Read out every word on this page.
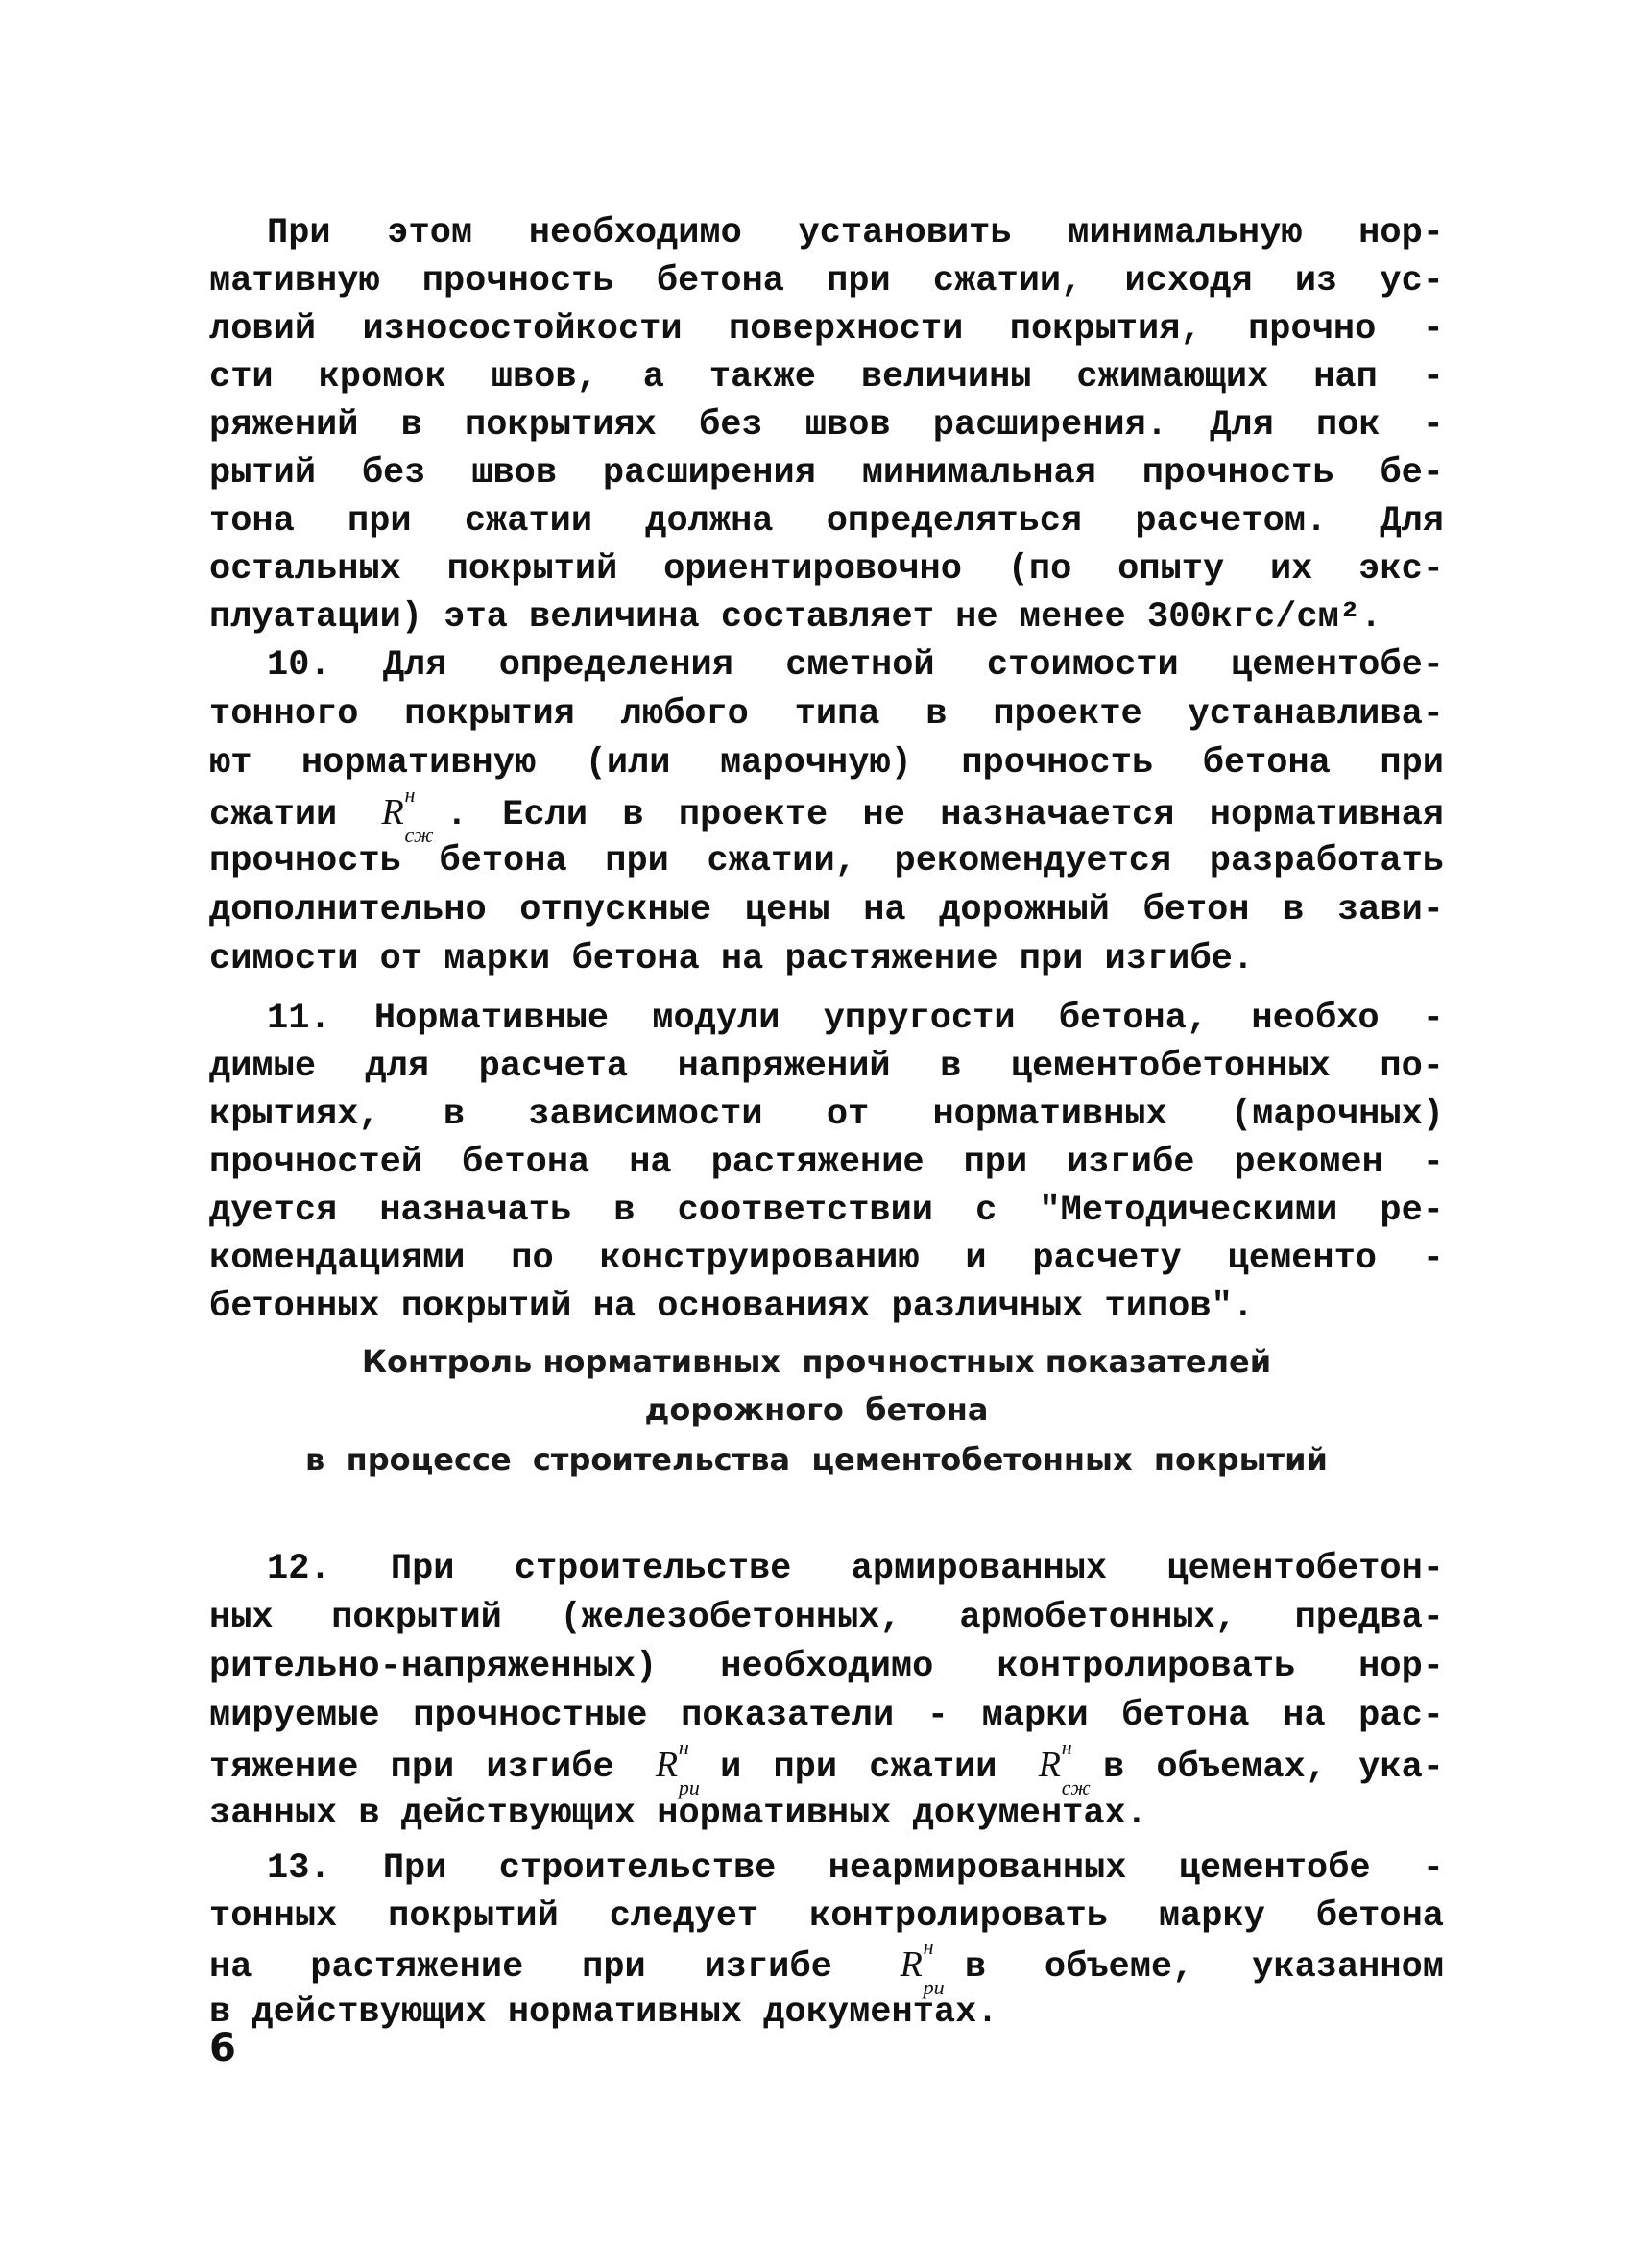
При этом необходимо установить минимальную нор-
мативную прочность бетона при сжатии, исходя из ус-
ловий износостойкости поверхности покрытия, прочно -
сти кромок швов, а также величины сжимающих нап -
ряжений в покрытиях без швов расширения. Для пок -
рытий без швов расширения минимальная прочность бе-
тона при сжатии должна определяться расчетом. Для
остальных покрытий ориентировочно (по опыту их экс-
плуатации) эта величина составляет не менее 300кгс/см².
10. Для определения сметной стоимости цементобе-
тонного покрытия любого типа в проекте устанавлива-
ют нормативную (или марочную) прочность бетона при
сжатии R н
сж . Если в проекте не назначается нормативная
прочность бетона при сжатии, рекомендуется разработать
дополнительно отпускные цены на дорожный бетон в зави-
симости от марки бетона на растяжение при изгибе.
11. Нормативные модули упругости бетона, необхо -
димые для расчета напряжений в цементобетонных по-
крытиях, в зависимости от нормативных (марочных)
прочностей бетона на растяжение при изгибе рекомен -
дуется назначать в соответствии с "Методическими ре-
комендациями по конструированию и расчету цементо -
бетонных покрытий на основаниях различных типов".
12. При строительстве армированных цементобетон-
ных покрытий (железобетонных, армобетонных, предва-
рительно-напряженных) необходимо контролировать нор-
мируемые прочностные показатели - марки бетона на рас-
тяжение при изгибе R н
ри и при сжатии R н
сж в объемах, ука-
занных в действующих нормативных документах.
13. При строительстве неармированных цементобе -
тонных покрытий следует контролировать марку бетона
на растяжение при изгибе R н
ри в объеме, указанном
в действующих нормативных документах.
Контроль нормативных  прочностных показателей
дорожного  бетона
в  процессе  строительства  цементобетонных  покрытий
6
